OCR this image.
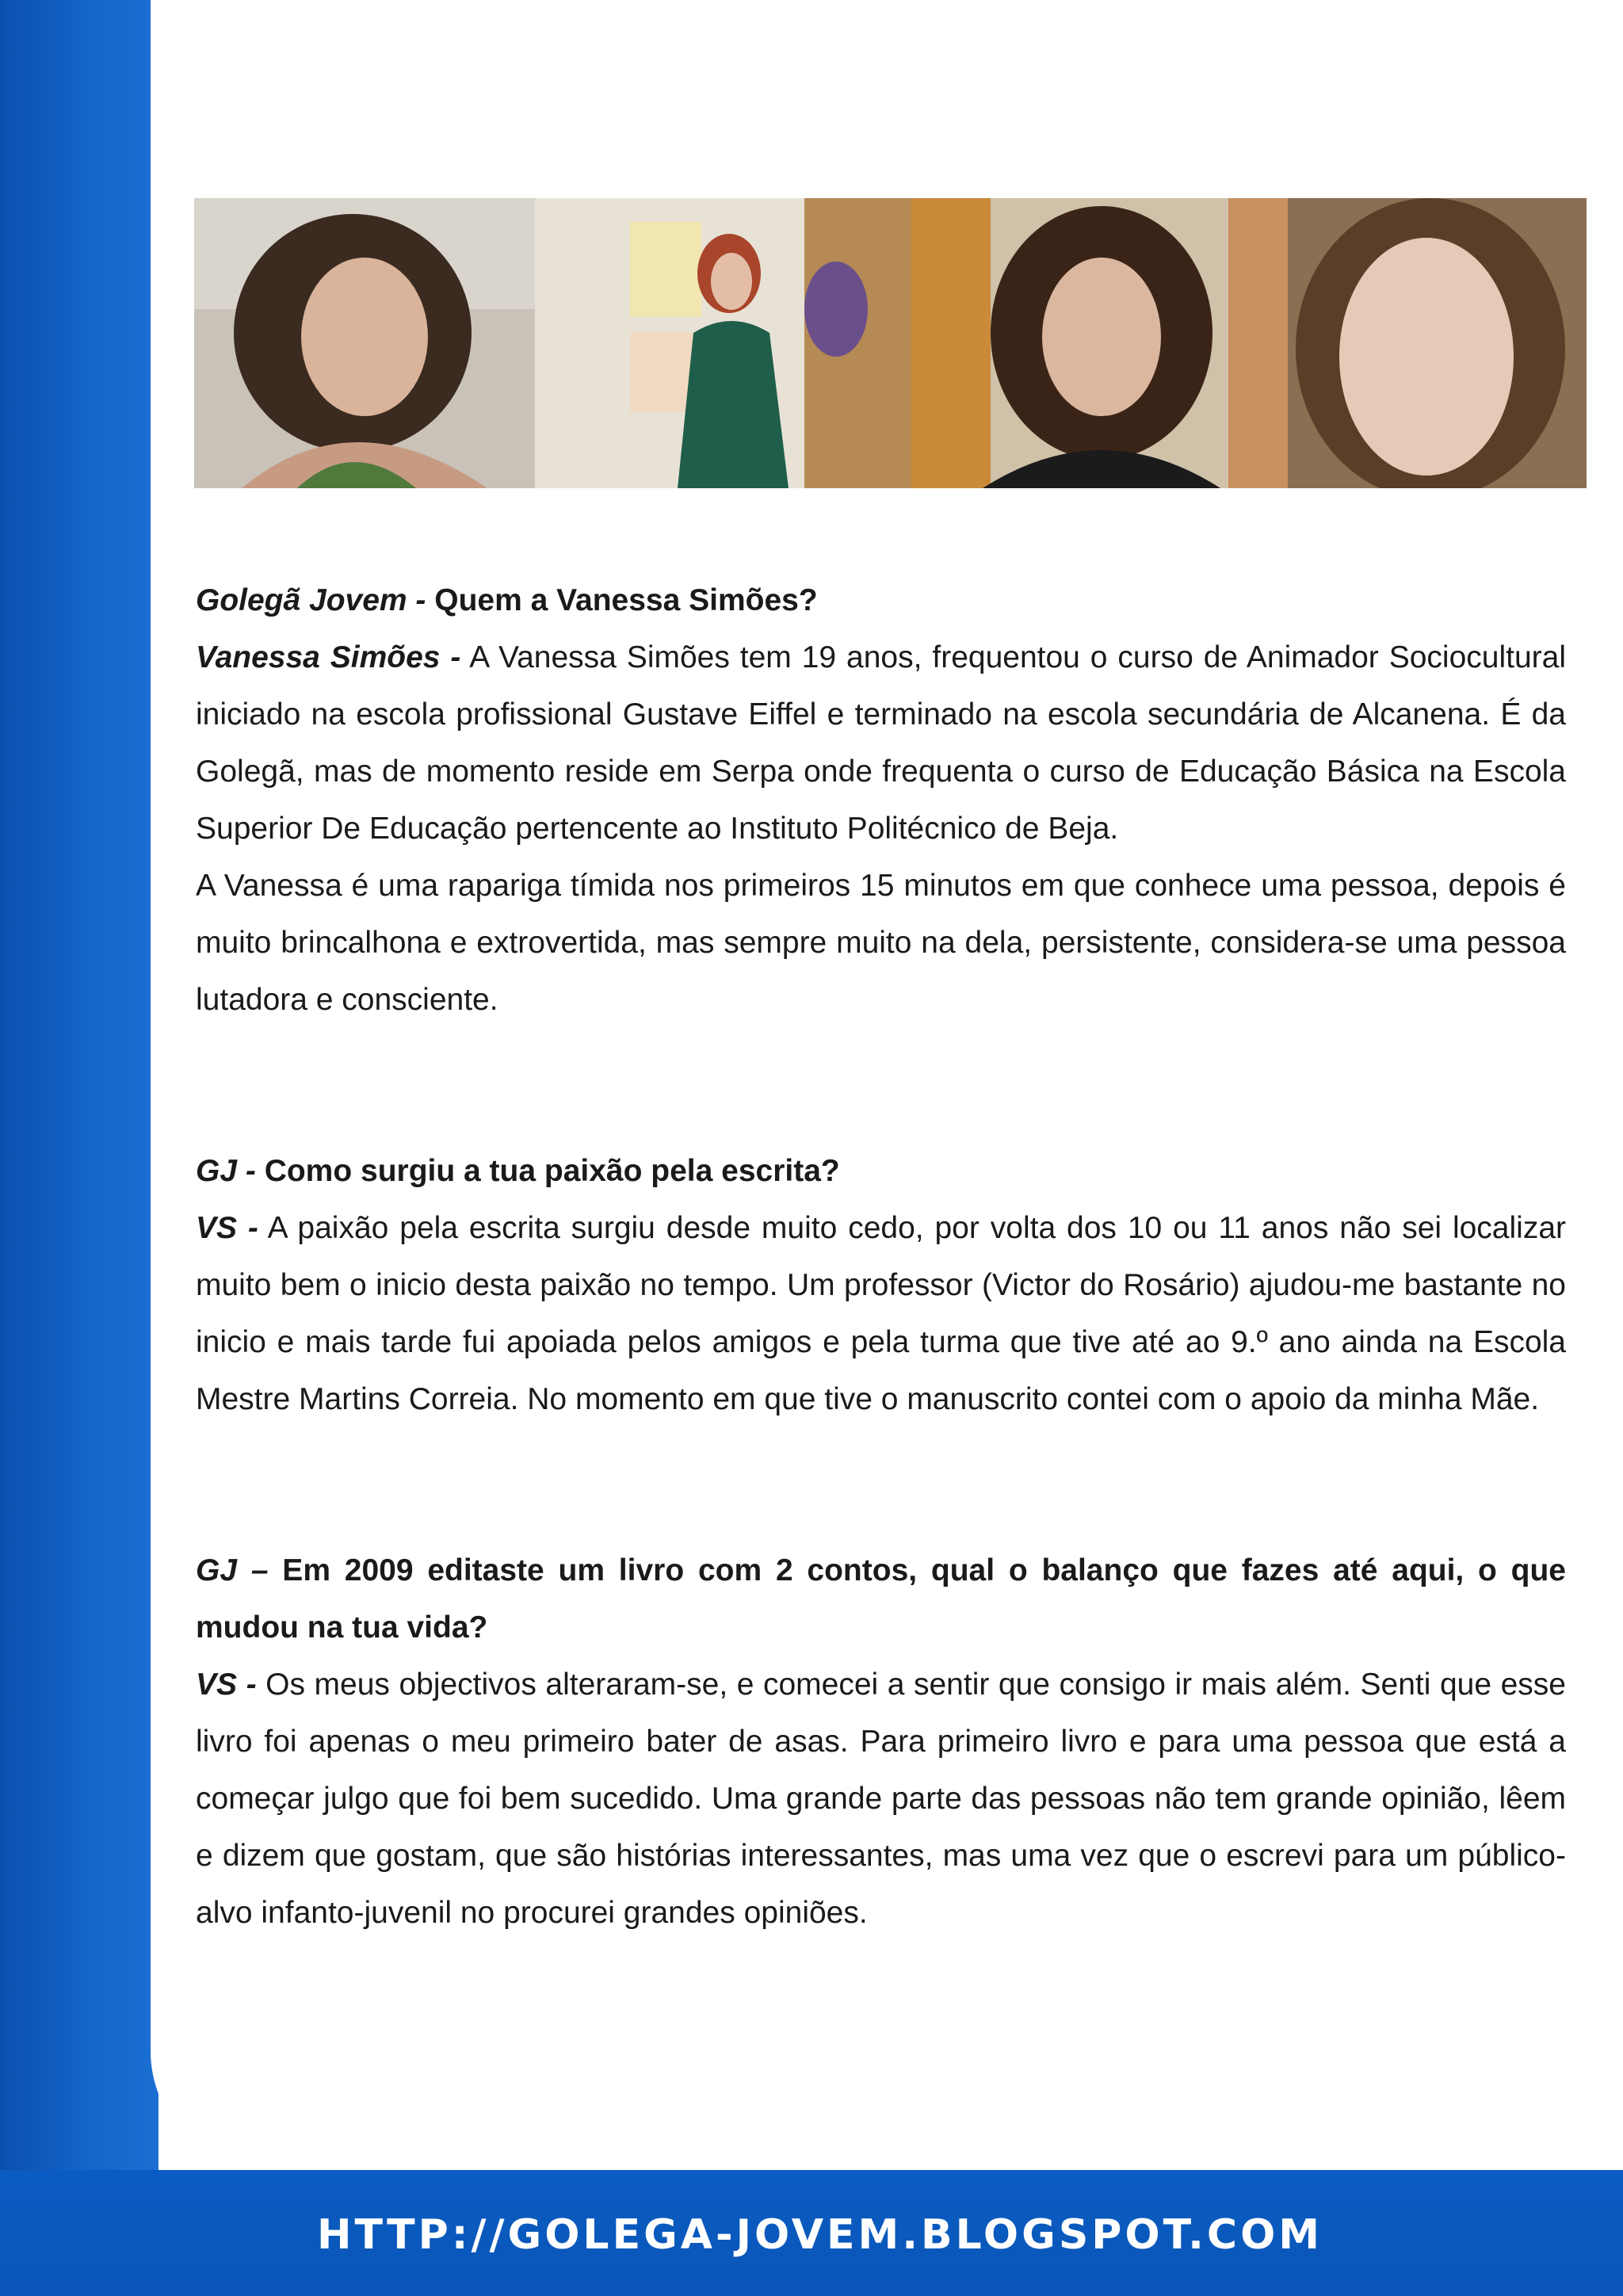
Golegã Jovem - Quem a Vanessa Simões?

Vanessa Simões - A Vanessa Simões tem 19 anos, frequentou o curso de Animador Sociocultural iniciado na escola profissional Gustave Eiffel e terminado na escola secundária de Alcanena. É da Golegã, mas de momento reside em Serpa onde frequenta o curso de Educação Básica na Escola Superior De Educação pertencente ao Instituto Politécnico de Beja.

A Vanessa é uma rapariga tímida nos primeiros 15 minutos em que conhece uma pessoa, depois é muito brincalhona e extrovertida, mas sempre muito na dela, persistente, considera-se uma pessoa lutadora e consciente.

GJ - Como surgiu a tua paixão pela escrita?

VS - A paixão pela escrita surgiu desde muito cedo, por volta dos 10 ou 11 anos não sei localizar muito bem o inicio desta paixão no tempo. Um professor (Victor do Rosário) ajudou-me bastante no inicio e mais tarde fui apoiada pelos amigos e pela turma que tive até ao 9.º ano ainda na Escola Mestre Martins Correia. No momento em que tive o manuscrito contei com o apoio da minha Mãe.

GJ – Em 2009 editaste um livro com 2 contos, qual o balanço que fazes até aqui, o que mudou na tua vida?

VS - Os meus objectivos alteraram-se, e comecei a sentir que consigo ir mais além. Senti que esse livro foi apenas o meu primeiro bater de asas. Para primeiro livro e para uma pessoa que está a começar julgo que foi bem sucedido. Uma grande parte das pessoas não tem grande opinião, lêem e dizem que gostam, que são histórias interessantes, mas uma vez que o escrevi para um público-alvo infanto-juvenil no procurei grandes opiniões.

HTTP://GOLEGA-JOVEM.BLOGSPOT.COM
